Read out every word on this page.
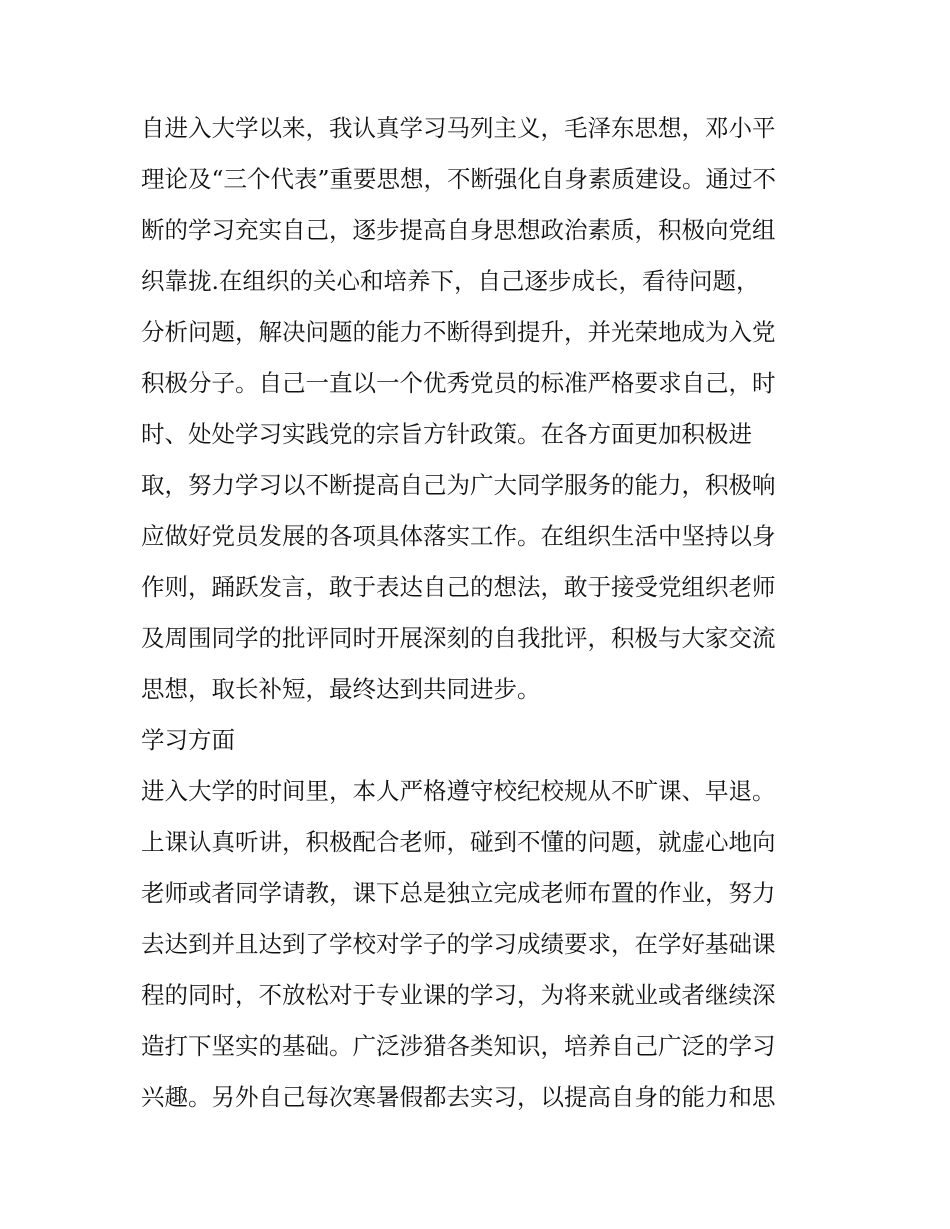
自进入大学以来，我认真学习马列主义，毛泽东思想，邓小平
理论及“三个代表”重要思想，不断强化自身素质建设。通过不
断的学习充实自己，逐步提高自身思想政治素质，积极向党组
织靠拢.在组织的关心和培养下，自己逐步成长，看待问题，
分析问题，解决问题的能力不断得到提升，并光荣地成为入党
积极分子。自己一直以一个优秀党员的标准严格要求自己，时
时、处处学习实践党的宗旨方针政策。在各方面更加积极进
取，努力学习以不断提高自己为广大同学服务的能力，积极响
应做好党员发展的各项具体落实工作。在组织生活中坚持以身
作则，踊跃发言，敢于表达自己的想法，敢于接受党组织老师
及周围同学的批评同时开展深刻的自我批评，积极与大家交流
思想，取长补短，最终达到共同进步。
学习方面
进入大学的时间里，本人严格遵守校纪校规从不旷课、早退。
上课认真听讲，积极配合老师，碰到不懂的问题，就虚心地向
老师或者同学请教，课下总是独立完成老师布置的作业，努力
去达到并且达到了学校对学子的学习成绩要求，在学好基础课
程的同时，不放松对于专业课的学习，为将来就业或者继续深
造打下坚实的基础。广泛涉猎各类知识，培养自己广泛的学习
兴趣。另外自己每次寒暑假都去实习，以提高自身的能力和思
